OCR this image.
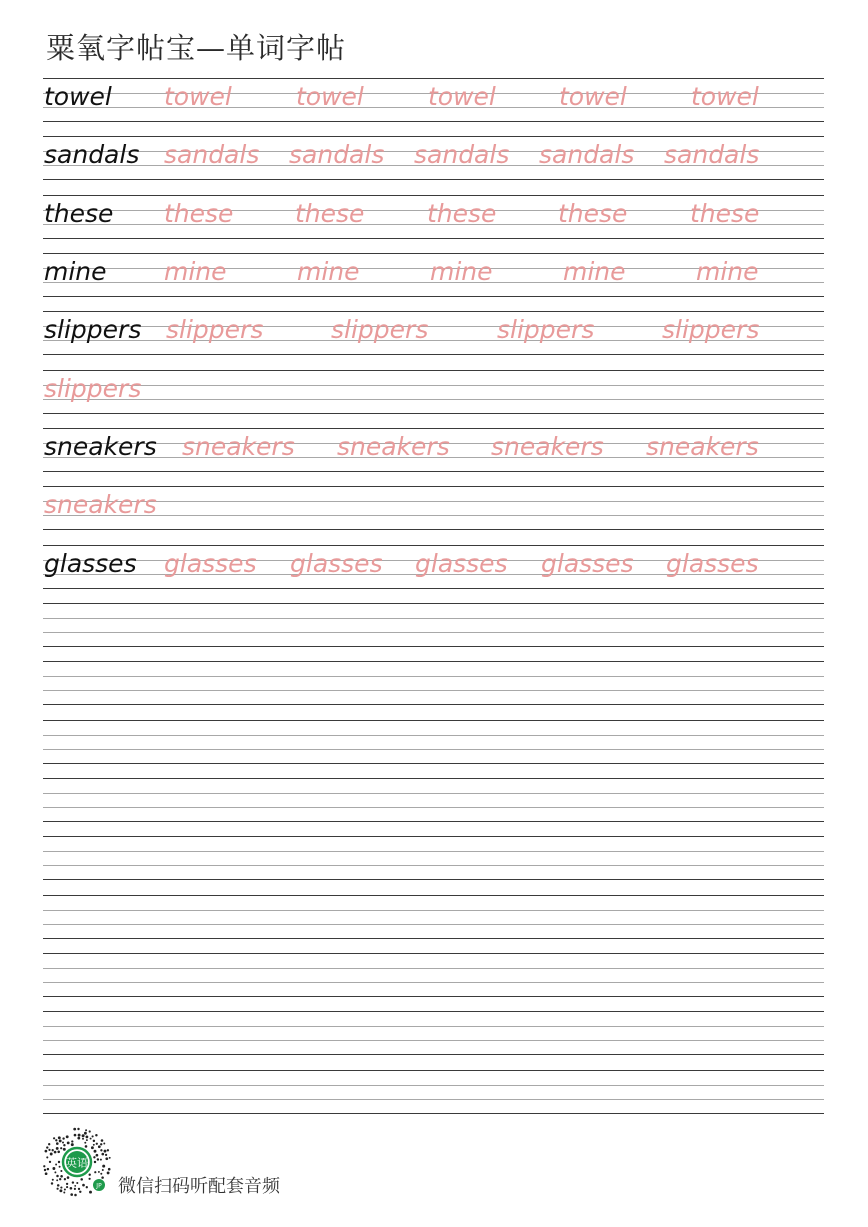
粟氧字帖宝—单词字帖
towel towel	towel	towel	towel	towel
sandals sandals sandals sandals sandals sandals
these these these	these these	these
mine mine	mine	mine	mine	mine
slippers slippers	slippers	slippers	slippers
slippers
sneakers sneakers sneakers sneakers sneakers
sneakers
glasses glasses glasses glasses glasses glasses
英语
JP 微信扫码听配套音频
